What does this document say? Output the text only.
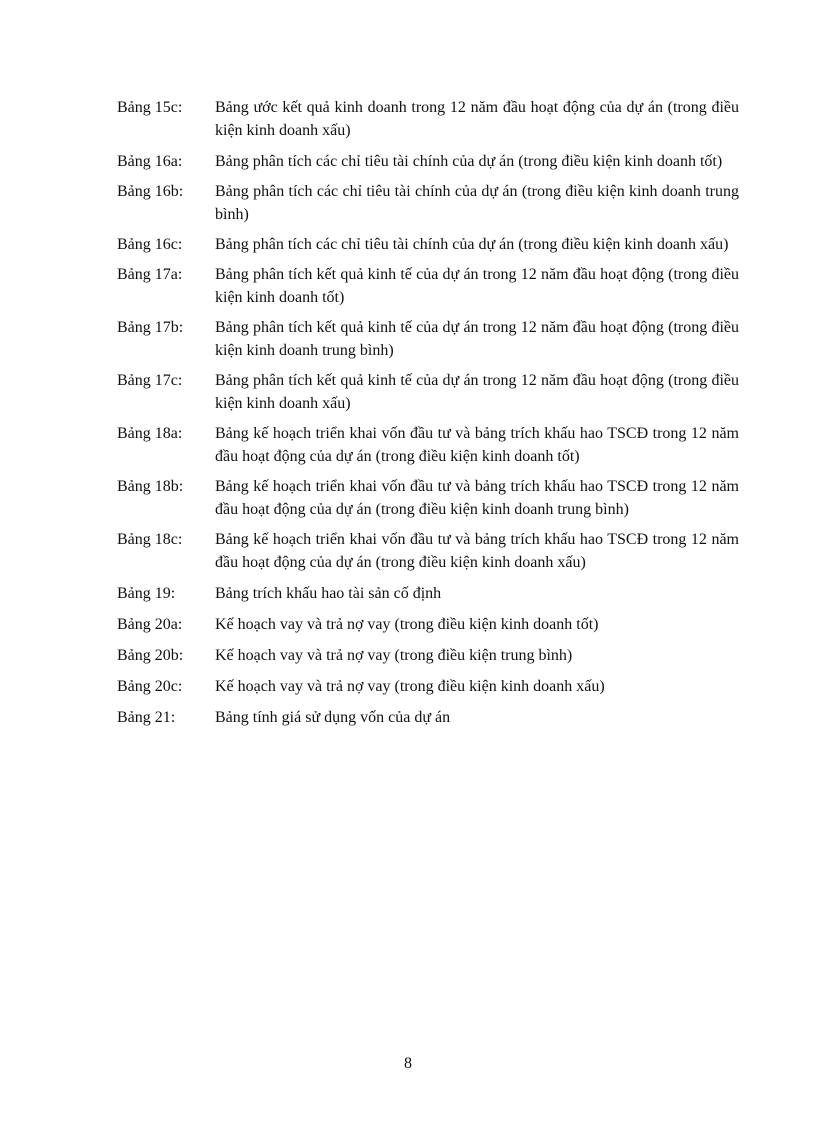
Bảng 15c:	Bảng ước kết quả kinh doanh trong 12 năm đầu hoạt động của dự án (trong điều kiện kinh doanh xấu)
Bảng 16a:	Bảng phân tích các chỉ tiêu tài chính của dự án (trong điều kiện kinh doanh tốt)
Bảng 16b:	Bảng phân tích các chỉ tiêu tài chính của dự án (trong điều kiện kinh doanh trung bình)
Bảng 16c:	Bảng phân tích các chỉ tiêu tài chính của dự án (trong điều kiện kinh doanh xấu)
Bảng 17a:	Bảng phân tích kết quả kinh tế của dự án trong 12 năm đầu hoạt động (trong điều kiện kinh doanh tốt)
Bảng 17b:	Bảng phân tích kết quả kinh tế của dự án trong 12 năm đầu hoạt động (trong điều kiện kinh doanh trung bình)
Bảng 17c:	Bảng phân tích kết quả kinh tế của dự án trong 12 năm đầu hoạt động (trong điều kiện kinh doanh xấu)
Bảng 18a:	Bảng kế hoạch triển khai vốn đầu tư và bảng trích khấu hao TSCĐ trong 12 năm đầu hoạt động của dự án (trong điều kiện kinh doanh tốt)
Bảng 18b:	Bảng kế hoạch triển khai vốn đầu tư và bảng trích khấu hao TSCĐ trong 12 năm đầu hoạt động của dự án (trong điều kiện kinh doanh trung bình)
Bảng 18c:	Bảng kế hoạch triển khai vốn đầu tư và bảng trích khấu hao TSCĐ trong 12 năm đầu hoạt động của dự án (trong điều kiện kinh doanh xấu)
Bảng 19:	Bảng trích khấu hao tài sản cố định
Bảng 20a:	Kế hoạch vay và trả nợ vay (trong điều kiện kinh doanh tốt)
Bảng 20b:	Kế hoạch vay và trả nợ vay (trong điều kiện trung bình)
Bảng 20c:	Kế hoạch vay và trả nợ vay (trong điều kiện kinh doanh xấu)
Bảng 21:	Bảng tính giá sử dụng vốn của dự án
8
